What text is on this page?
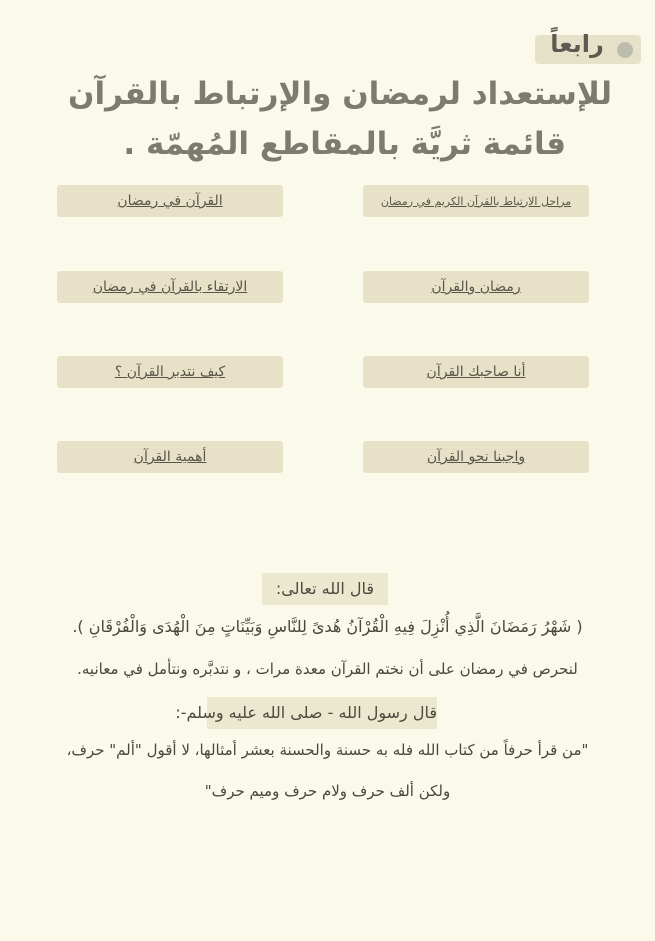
رابعاً
للإستعداد لرمضان والإرتباط بالقرآن
قائمة ثريَّة بالمقاطع المُهمّة .
مراحل الارتباط بالقرآن الكريم في رمضان
رمضان والقرآن
أنا صاحبك القرآن
واجبنا نحو القرآن
القرآن في رمضان
الارتقاء بالقرآن في رمضان
كيف نتدبر القرآن ؟
أهمية القرآن
قال الله تعالى:
( شَهْرُ رَمَضَانَ الَّذِي أُنْزِلَ فِيهِ الْقُرْآنُ هُدىً لِلنَّاسِ وَبَيِّنَاتٍ مِنَ الْهُدَى وَالْفُرْقَانِ ).
لنحرص في رمضان على أن نختم القرآن معدة مرات ، و نتدبَّره ونتأمل في معانيه.
قال رسول الله - صلى الله عليه وسلم-:
"من قرأ حرفاً من كتاب الله فله به حسنة والحسنة بعشر أمثالها، لا أقول "ألم" حرف،
ولكن ألف حرف ولام حرف وميم حرف"
